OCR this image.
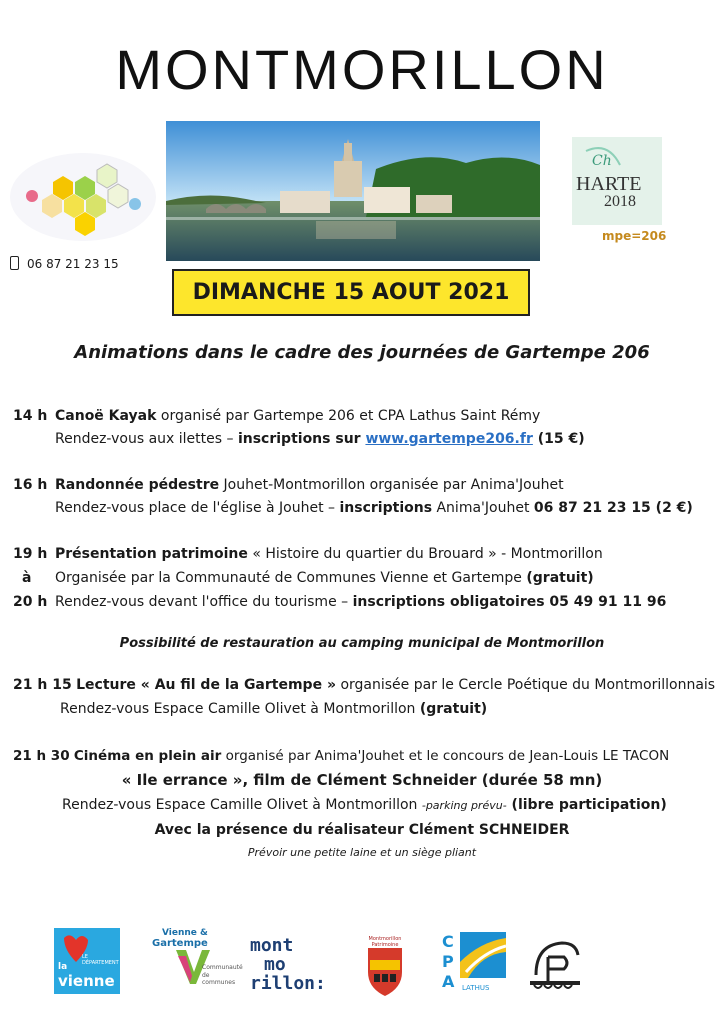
MONTMORILLON
06 87 21 23 15
Ch
HARTE
2018
mpe=206
DIMANCHE 15 AOUT 2021
Animations dans le cadre des journées de Gartempe 206
14 h Canoë Kayak organisé par Gartempe 206 et CPA Lathus Saint Rémy
Rendez-vous aux ilettes – inscriptions sur www.gartempe206.fr (15 €)
16 h Randonnée pédestre Jouhet-Montmorillon organisée par Anima'Jouhet
Rendez-vous place de l'église à Jouhet – inscriptions Anima'Jouhet 06 87 21 23 15 (2 €)
19 h
à
20 h
Présentation patrimoine « Histoire du quartier du Brouard » - Montmorillon
Organisée par la Communauté de Communes Vienne et Gartempe (gratuit)
Rendez-vous devant l'office du tourisme – inscriptions obligatoires 05 49 91 11 96
Possibilité de restauration au camping municipal de Montmorillon
21 h 15 Lecture « Au fil de la Gartempe » organisée par le Cercle Poétique du Montmorillonnais
Rendez-vous Espace Camille Olivet à Montmorillon (gratuit)
21 h 30 Cinéma en plein air organisé par Anima'Jouhet et le concours de Jean-Louis LE TACON
« Ile errance », film de Clément Schneider (durée 58 mn)
Rendez-vous Espace Camille Olivet à Montmorillon -parking prévu- (libre participation)
Avec la présence du réalisateur Clément SCHNEIDER
Prévoir une petite laine et un siège pliant
LE DÉPARTEMENT
la
vienne
Vienne &
Gartempe
Communauté
de communes
mont
mo
rillon:
Montmorillon Patrimoine	C
P
A LATHUS
